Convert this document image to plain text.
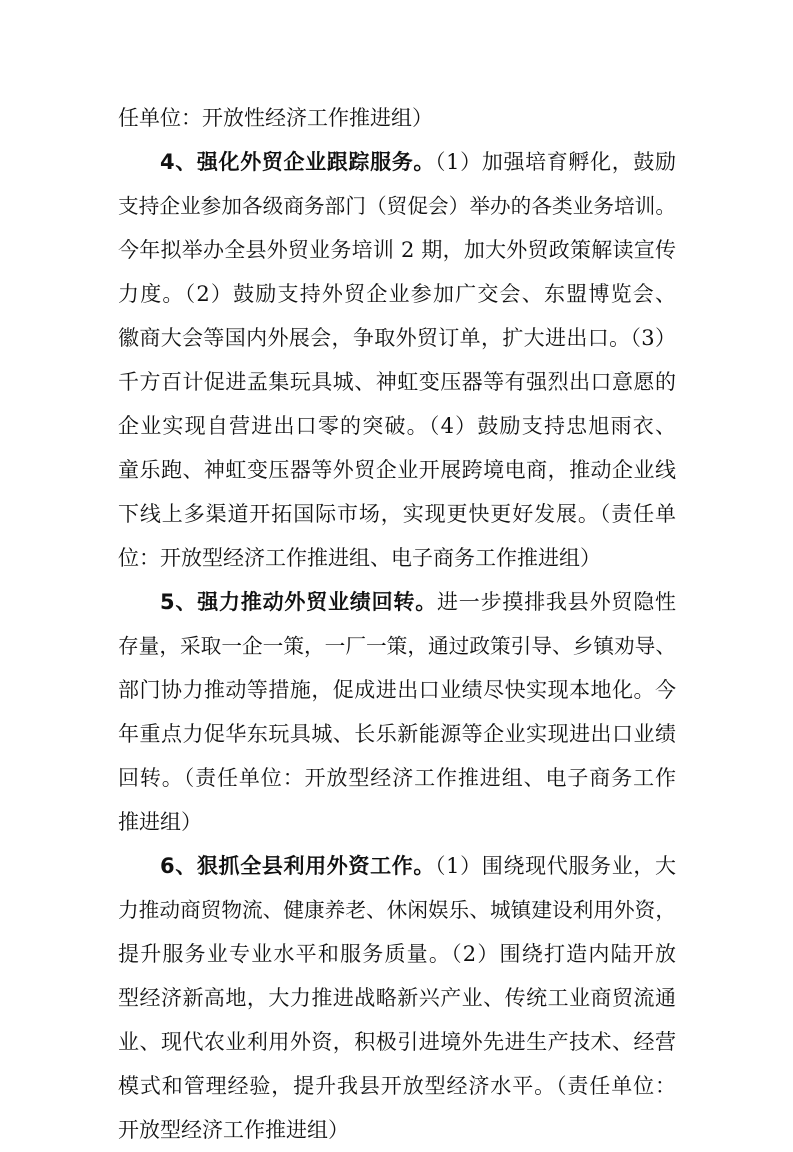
任单位：开放性经济工作推进组）
4、强化外贸企业跟踪服务。（1）加强培育孵化，鼓励
支持企业参加各级商务部门（贸促会）举办的各类业务培训。
今年拟举办全县外贸业务培训 2 期，加大外贸政策解读宣传
力度。（2）鼓励支持外贸企业参加广交会、东盟博览会、
徽商大会等国内外展会，争取外贸订单，扩大进出口。（3）
千方百计促进孟集玩具城、神虹变压器等有强烈出口意愿的
企业实现自营进出口零的突破。（4）鼓励支持忠旭雨衣、
童乐跑、神虹变压器等外贸企业开展跨境电商，推动企业线
下线上多渠道开拓国际市场，实现更快更好发展。（责任单
位：开放型经济工作推进组、电子商务工作推进组）
5、强力推动外贸业绩回转。进一步摸排我县外贸隐性
存量，采取一企一策，一厂一策，通过政策引导、乡镇劝导、
部门协力推动等措施，促成进出口业绩尽快实现本地化。今
年重点力促华东玩具城、长乐新能源等企业实现进出口业绩
回转。（责任单位：开放型经济工作推进组、电子商务工作
推进组）
6、狠抓全县利用外资工作。（1）围绕现代服务业，大
力推动商贸物流、健康养老、休闲娱乐、城镇建设利用外资，
提升服务业专业水平和服务质量。（2）围绕打造内陆开放
型经济新高地，大力推进战略新兴产业、传统工业商贸流通
业、现代农业利用外资，积极引进境外先进生产技术、经营
模式和管理经验，提升我县开放型经济水平。（责任单位：
开放型经济工作推进组）
